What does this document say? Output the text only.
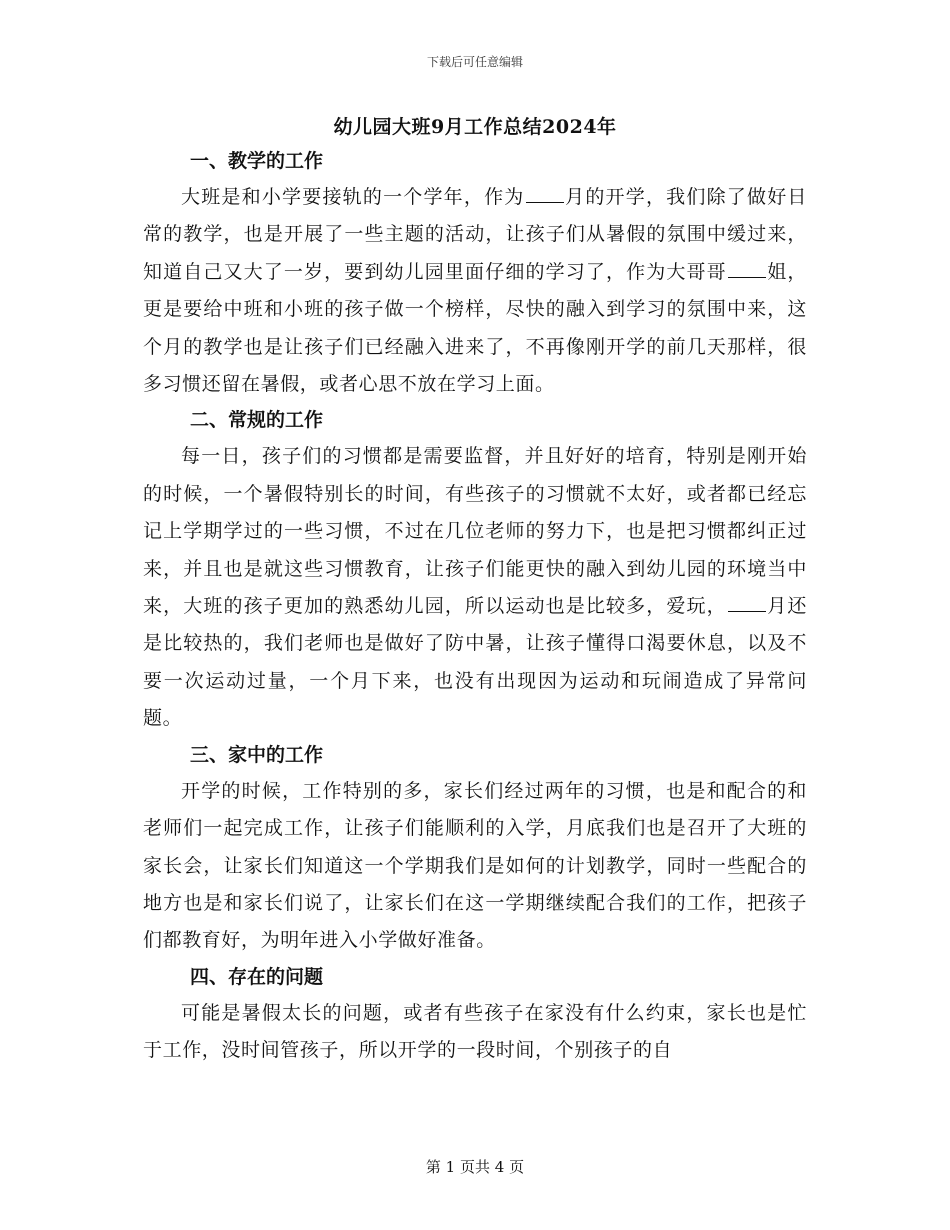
下载后可任意编辑
幼儿园大班9月工作总结2024年
一、教学的工作

大班是和小学要接轨的一个学年，作为 月的开学，我们除了做好日常的教学，也是开展了一些主题的活动，让孩子们从暑假的氛围中缓过来，知道自己又大了一岁，要到幼儿园里面仔细的学习了，作为大哥哥 姐，更是要给中班和小班的孩子做一个榜样，尽快的融入到学习的氛围中来，这个月的教学也是让孩子们已经融入进来了，不再像刚开学的前几天那样，很多习惯还留在暑假，或者心思不放在学习上面。

二、常规的工作

每一日，孩子们的习惯都是需要监督，并且好好的培育，特别是刚开始的时候，一个暑假特别长的时间，有些孩子的习惯就不太好，或者都已经忘记上学期学过的一些习惯，不过在几位老师的努力下，也是把习惯都纠正过来，并且也是就这些习惯教育，让孩子们能更快的融入到幼儿园的环境当中来，大班的孩子更加的熟悉幼儿园，所以运动也是比较多，爱玩， 月还是比较热的，我们老师也是做好了防中暑，让孩子懂得口渴要休息，以及不要一次运动过量，一个月下来，也没有出现因为运动和玩闹造成了异常问题。

三、家中的工作

开学的时候，工作特别的多，家长们经过两年的习惯，也是和配合的和老师们一起完成工作，让孩子们能顺利的入学，月底我们也是召开了大班的家长会，让家长们知道这一个学期我们是如何的计划教学，同时一些配合的地方也是和家长们说了，让家长们在这一学期继续配合我们的工作，把孩子们都教育好，为明年进入小学做好准备。

四、存在的问题

可能是暑假太长的问题，或者有些孩子在家没有什么约束，家长也是忙于工作，没时间管孩子，所以开学的一段时间，个别孩子的自

第 1 页共 4 页
